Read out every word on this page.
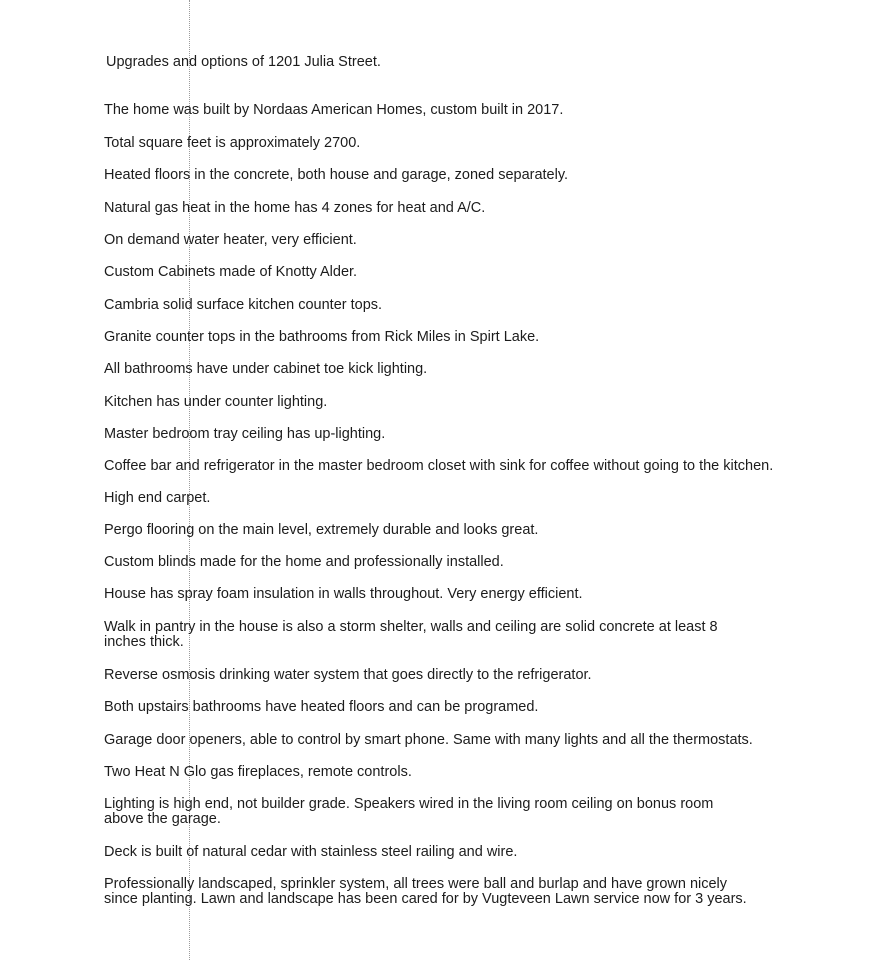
Upgrades and options of 1201 Julia Street.
The home was built by Nordaas American Homes, custom built in 2017.
Total square feet is approximately 2700.
Heated floors in the concrete, both house and garage, zoned separately.
Natural gas heat in the home has 4 zones for heat and A/C.
On demand water heater, very efficient.
Custom Cabinets made of Knotty Alder.
Cambria solid surface kitchen counter tops.
Granite counter tops in the bathrooms from Rick Miles in Spirt Lake.
All bathrooms have under cabinet toe kick lighting.
Kitchen has under counter lighting.
Master bedroom tray ceiling has up-lighting.
Coffee bar and refrigerator in the master bedroom closet with sink for coffee without going to the kitchen.
High end carpet.
Pergo flooring on the main level, extremely durable and looks great.
Custom blinds made for the home and professionally installed.
House has spray foam insulation in walls throughout. Very energy efficient.
Walk in pantry in the house is also a storm shelter, walls and ceiling are solid concrete at least 8 inches thick.
Reverse osmosis drinking water system that goes directly to the refrigerator.
Both upstairs bathrooms have heated floors and can be programed.
Garage door openers, able to control by smart phone. Same with many lights and all the thermostats.
Two Heat N Glo gas fireplaces, remote controls.
Lighting is high end, not builder grade. Speakers wired in the living room ceiling on bonus room above the garage.
Deck is built of natural cedar with stainless steel railing and wire.
Professionally landscaped, sprinkler system, all trees were ball and burlap and have grown nicely since planting. Lawn and landscape has been cared for by Vugteveen Lawn service now for 3 years.
